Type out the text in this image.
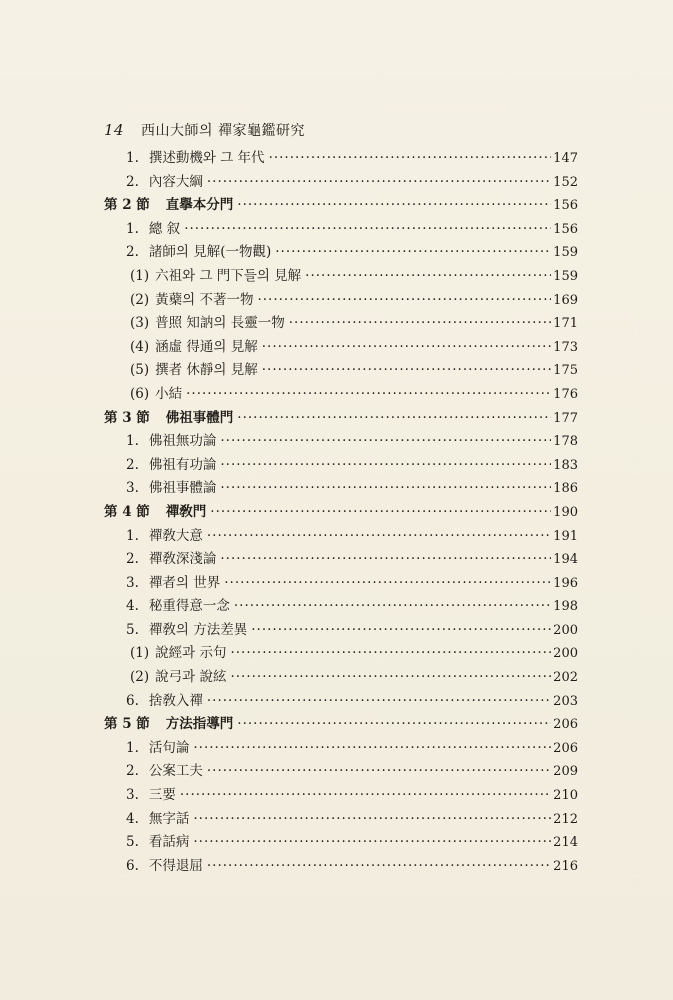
14 西山大師의 禪家龜鑑研究
1. 撰述動機와 그 年代 ·····	147
2. 內容大綱 ·····	152
第 2 節 直擧本分門 ·····	156
1. 總 叙 ·····	156
2. 諸師의 見解(一物觀) ·····	159
(1) 六祖와 그 門下들의 見解 ·····	159
(2) 黃蘗의 不著一物 ·····	169
(3) 普照 知訥의 長靈一物 ·····	171
(4) 涵虛 得通의 見解 ·····	173
(5) 撰者 休靜의 見解 ·····	175
(6) 小結 ·····	176
第 3 節 佛祖事體門 ·····	177
1. 佛祖無功論 ·····	178
2. 佛祖有功論 ·····	183
3. 佛祖事體論 ·····	186
第 4 節 禪敎門 ·····	190
1. 禪敎大意 ·····	191
2. 禪敎深淺論 ·····	194
3. 禪者의 世界 ·····	196
4. 秘重得意一念 ·····	198
5. 禪敎의 方法差異 ·····	200
(1) 說經과 示句 ·····	200
(2) 說弓과 說絃 ·····	202
6. 捨敎入禪 ·····	203
第 5 節 方法指導門 ·····	206
1. 活句論 ·····	206
2. 公案工夫 ·····	209
3. 三要 ·····	210
4. 無字話 ·····	212
5. 看話病 ·····	214
6. 不得退屈 ·····	216
